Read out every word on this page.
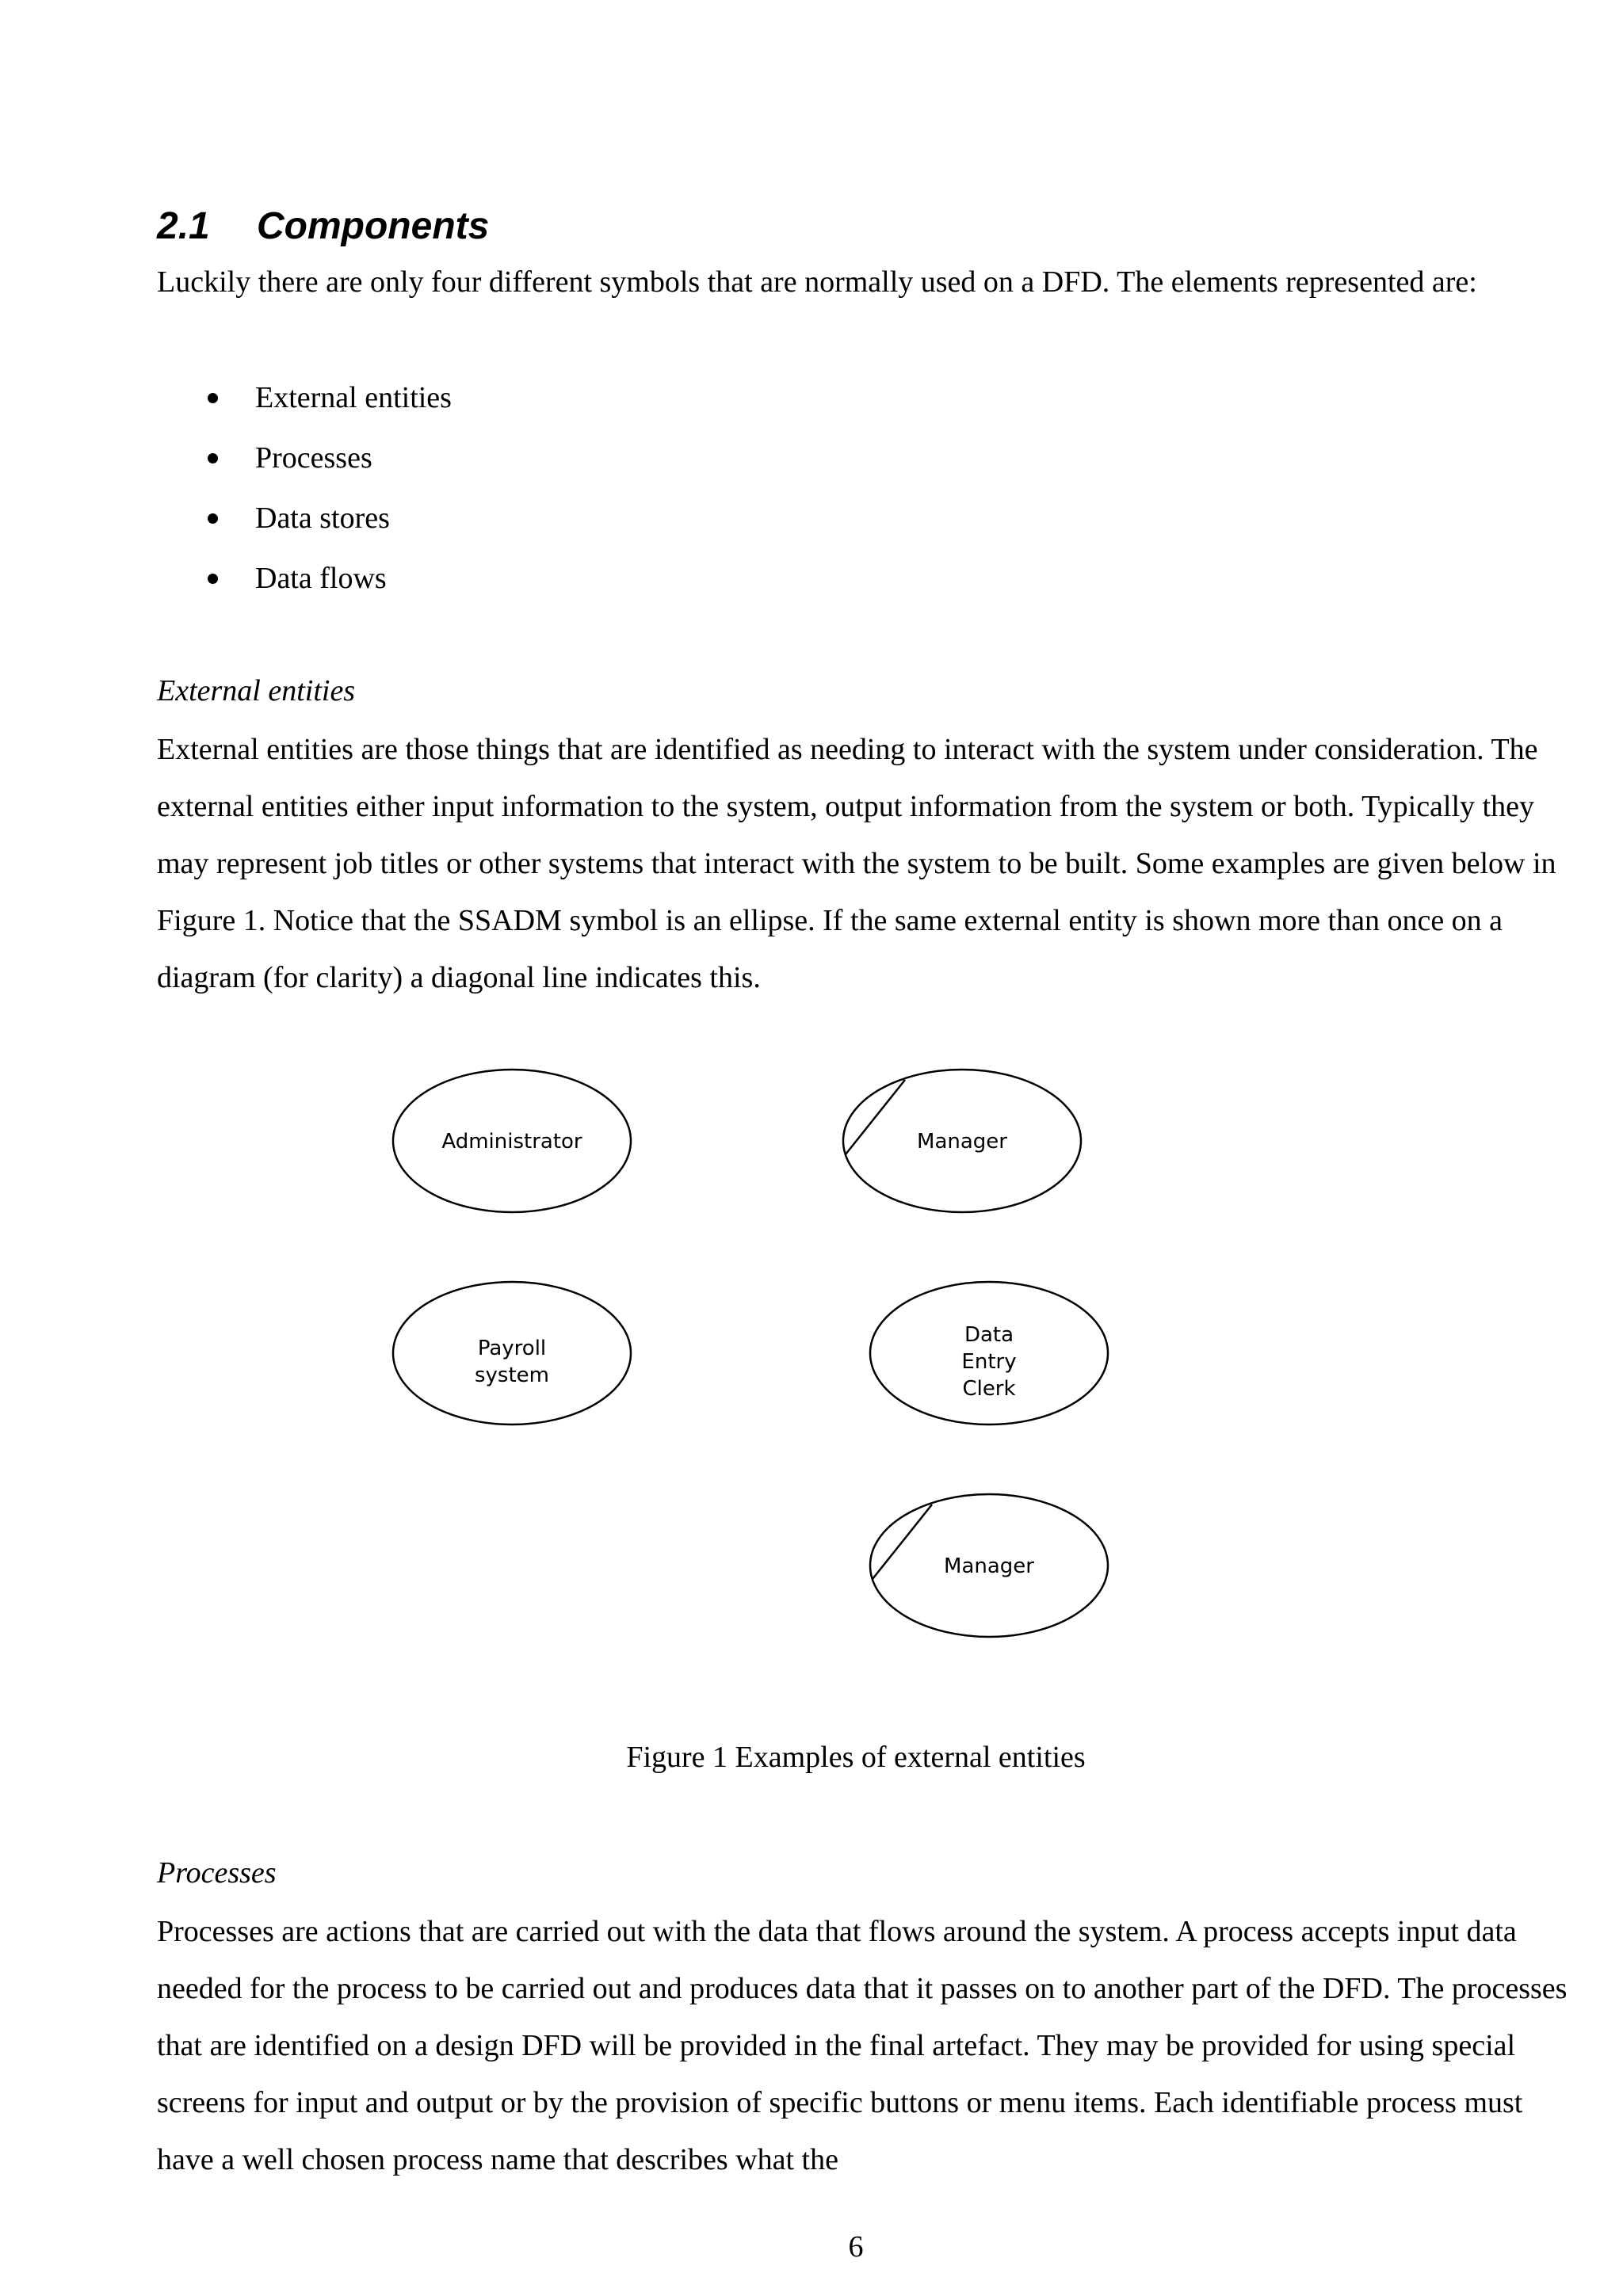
2.1 Components

Luckily there are only four different symbols that are normally used on a DFD. The elements represented are:

External entities
Processes
Data stores
Data flows
External entities

External entities are those things that are identified as needing to interact with the system under consideration. The external entities either input information to the system, output information from the system or both. Typically they may represent job titles or other systems that interact with the system to be built. Some examples are given below in Figure 1. Notice that the SSADM symbol is an ellipse. If the same external entity is shown more than once on a diagram (for clarity) a diagonal line indicates this.

Administrator	Manager
Payroll
system
Data
Entry
Clerk
Manager
Figure 1 Examples of external entities
Processes

Processes are actions that are carried out with the data that flows around the system. A process accepts input data needed for the process to be carried out and produces data that it passes on to another part of the DFD. The processes that are identified on a design DFD will be provided in the final artefact. They may be provided for using special screens for input and output or by the provision of specific buttons or menu items. Each identifiable process must have a well chosen process name that describes what the

6
